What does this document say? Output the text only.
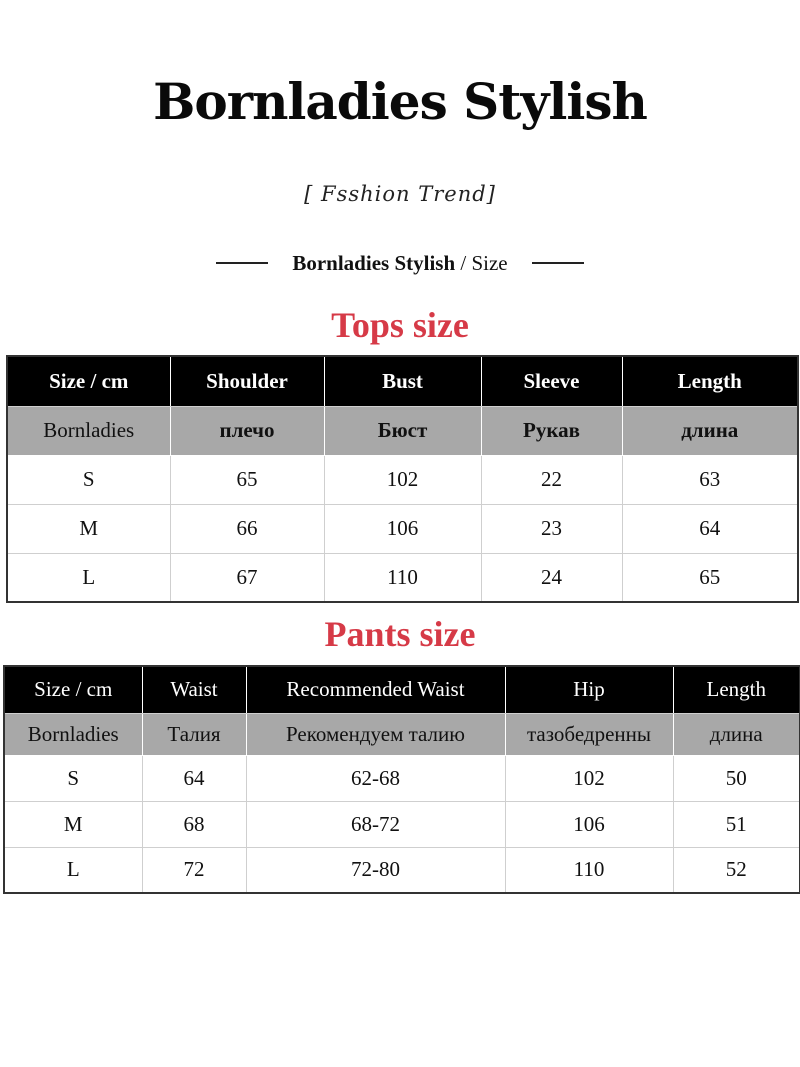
Bornladies Stylish
[ Fsshion Trend]
Bornladies Stylish / Size
Tops size
Size / cm	Shoulder	Bust	Sleeve	Length
Bornladies	плечо	Бюст	Рукав	длина
S	65	102	22	63
M	66	106	23	64
L	67	110	24	65
Pants size
Size / cm	Waist	Recommended Waist	Hip	Length
Bornladies	Талия	Рекомендуем талию	тазобедренны	длина
S	64	62-68	102	50
M	68	68-72	106	51
L	72	72-80	110	52
